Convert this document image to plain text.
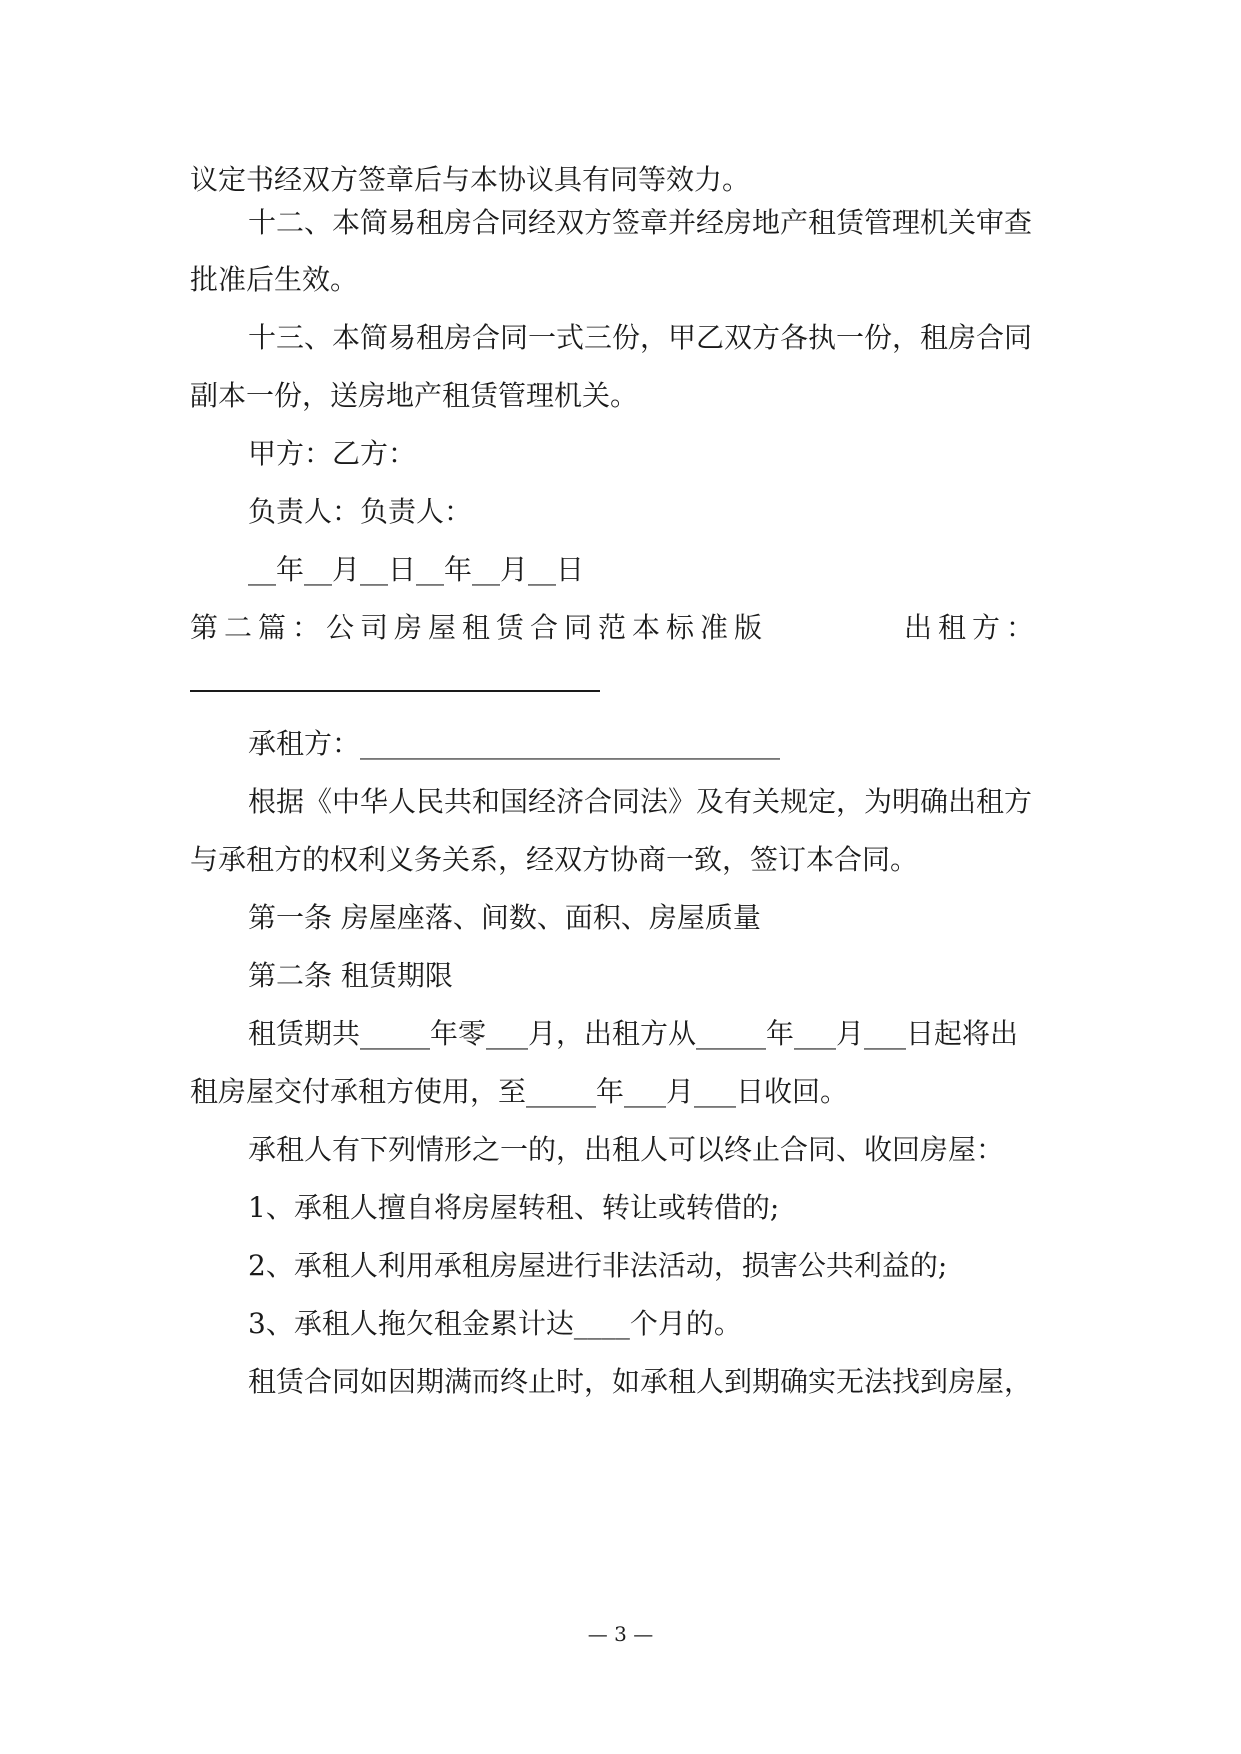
议定书经双方签章后与本协议具有同等效力。
十二、本简易租房合同经双方签章并经房地产租赁管理机关审查
批准后生效。
十三、本简易租房合同一式三份，甲乙双方各执一份，租房合同
副本一份，送房地产租赁管理机关。
甲方：乙方：
负责人：负责人：
__年__月__日__年__月__日
第二篇：公司房屋租赁合同范本标准版	出租方：
承租方：______________________________
根据《中华人民共和国经济合同法》及有关规定，为明确出租方
与承租方的权利义务关系，经双方协商一致，签订本合同。
第一条 房屋座落、间数、面积、房屋质量
第二条 租赁期限
租赁期共_____年零___月，出租方从_____年___月___日起将出
租房屋交付承租方使用，至_____年___月___日收回。
承租人有下列情形之一的，出租人可以终止合同、收回房屋：
1、承租人擅自将房屋转租、转让或转借的;
2、承租人利用承租房屋进行非法活动，损害公共利益的;
3、承租人拖欠租金累计达____个月的。
租赁合同如因期满而终止时，如承租人到期确实无法找到房屋，
— 3 —
